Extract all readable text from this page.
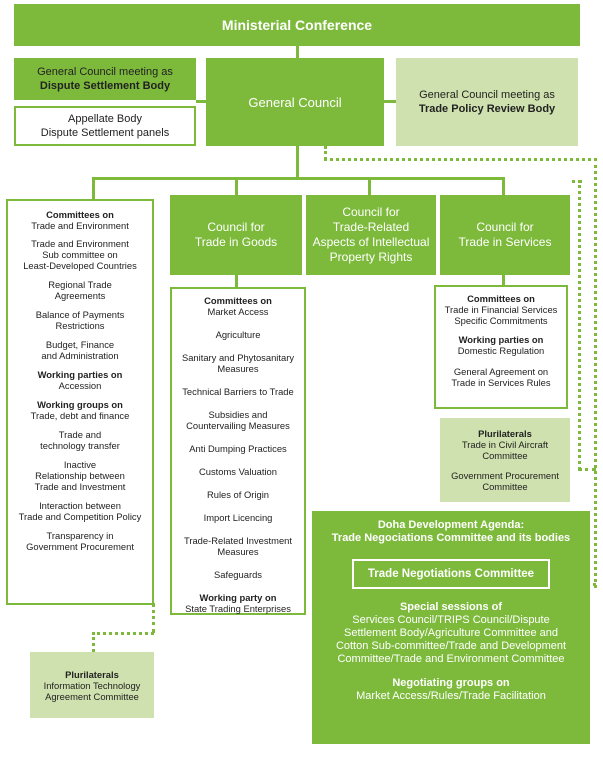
Ministerial Conference
General Council meeting as
Dispute Settlement Body
Appellate Body
Dispute Settlement panels
General Council	General Council meeting as
Trade Policy Review Body
Committees on
Trade and Environment
Trade and Environment
Sub committee on
Least-Developed Countries
Regional Trade
Agreements
Balance of Payments
Restrictions
Budget, Finance
and Administration
Working parties on
Accession
Working groups on
Trade, debt and finance
Trade and
technology transfer
Inactive
Relationship between
Trade and Investment
Interaction between
Trade and Competition Policy
Transparency in
Government Procurement
Council for
Trade in Goods
Council for
Trade-Related
Aspects of Intellectual
Property Rights
Council for
Trade in Services
Committees on
Market Access
Agriculture
Sanitary and Phytosanitary
Measures
Technical Barriers to Trade
Subsidies and
Countervailing Measures
Anti Dumping Practices
Customs Valuation
Rules of Origin
Import Licencing
Trade-Related Investment
Measures
Safeguards
Working party on
State Trading Enterprises
Committees on
Trade in Financial Services
Specific Commitments
Working parties on
Domestic Regulation
General Agreement on
Trade in Services Rules
Plurilaterals
Trade in Civil Aircraft
Committee
Government Procurement
Committee
Plurilaterals
Information Technology
Agreement Committee
Doha Development Agenda:
Trade Negociations Committee and its bodies
Trade Negotiations Committee
Special sessions of
Services Council/TRIPS Council/Dispute
Settlement Body/Agriculture Committee and
Cotton Sub-committee/Trade and Development
Committee/Trade and Environment Committee
Negotiating groups on
Market Access/Rules/Trade Facilitation
